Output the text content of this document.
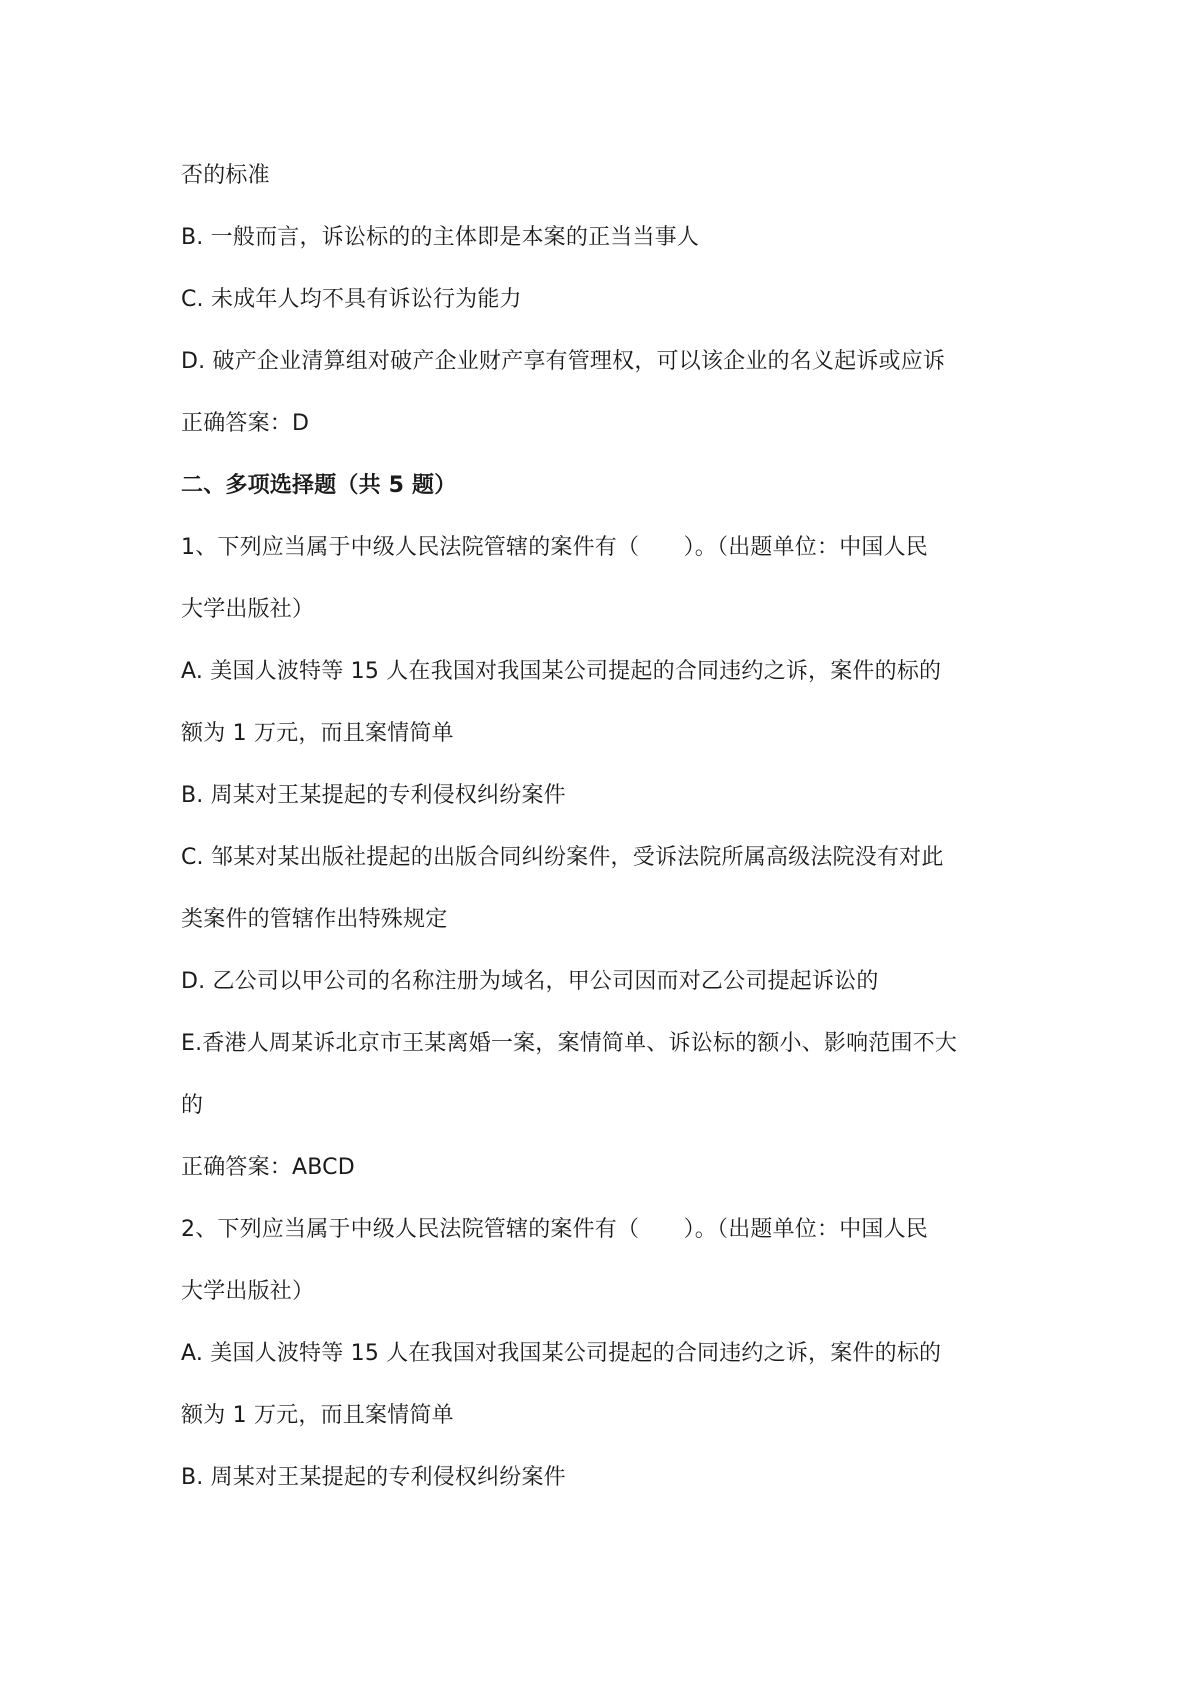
否的标准
B. 一般而言，诉讼标的的主体即是本案的正当当事人
C. 未成年人均不具有诉讼行为能力
D. 破产企业清算组对破产企业财产享有管理权，可以该企业的名义起诉或应诉
正确答案：D
二、多项选择题（共 5 题）
1、下列应当属于中级人民法院管辖的案件有（　　）。（出题单位：中国人民
大学出版社）
A. 美国人波特等 15 人在我国对我国某公司提起的合同违约之诉，案件的标的
额为 1 万元，而且案情简单
B. 周某对王某提起的专利侵权纠纷案件
C. 邹某对某出版社提起的出版合同纠纷案件，受诉法院所属高级法院没有对此
类案件的管辖作出特殊规定
D. 乙公司以甲公司的名称注册为域名，甲公司因而对乙公司提起诉讼的
E.香港人周某诉北京市王某离婚一案，案情简单、诉讼标的额小、影响范围不大
的
正确答案：ABCD
2、下列应当属于中级人民法院管辖的案件有（　　）。（出题单位：中国人民
大学出版社）
A. 美国人波特等 15 人在我国对我国某公司提起的合同违约之诉，案件的标的
额为 1 万元，而且案情简单
B. 周某对王某提起的专利侵权纠纷案件
